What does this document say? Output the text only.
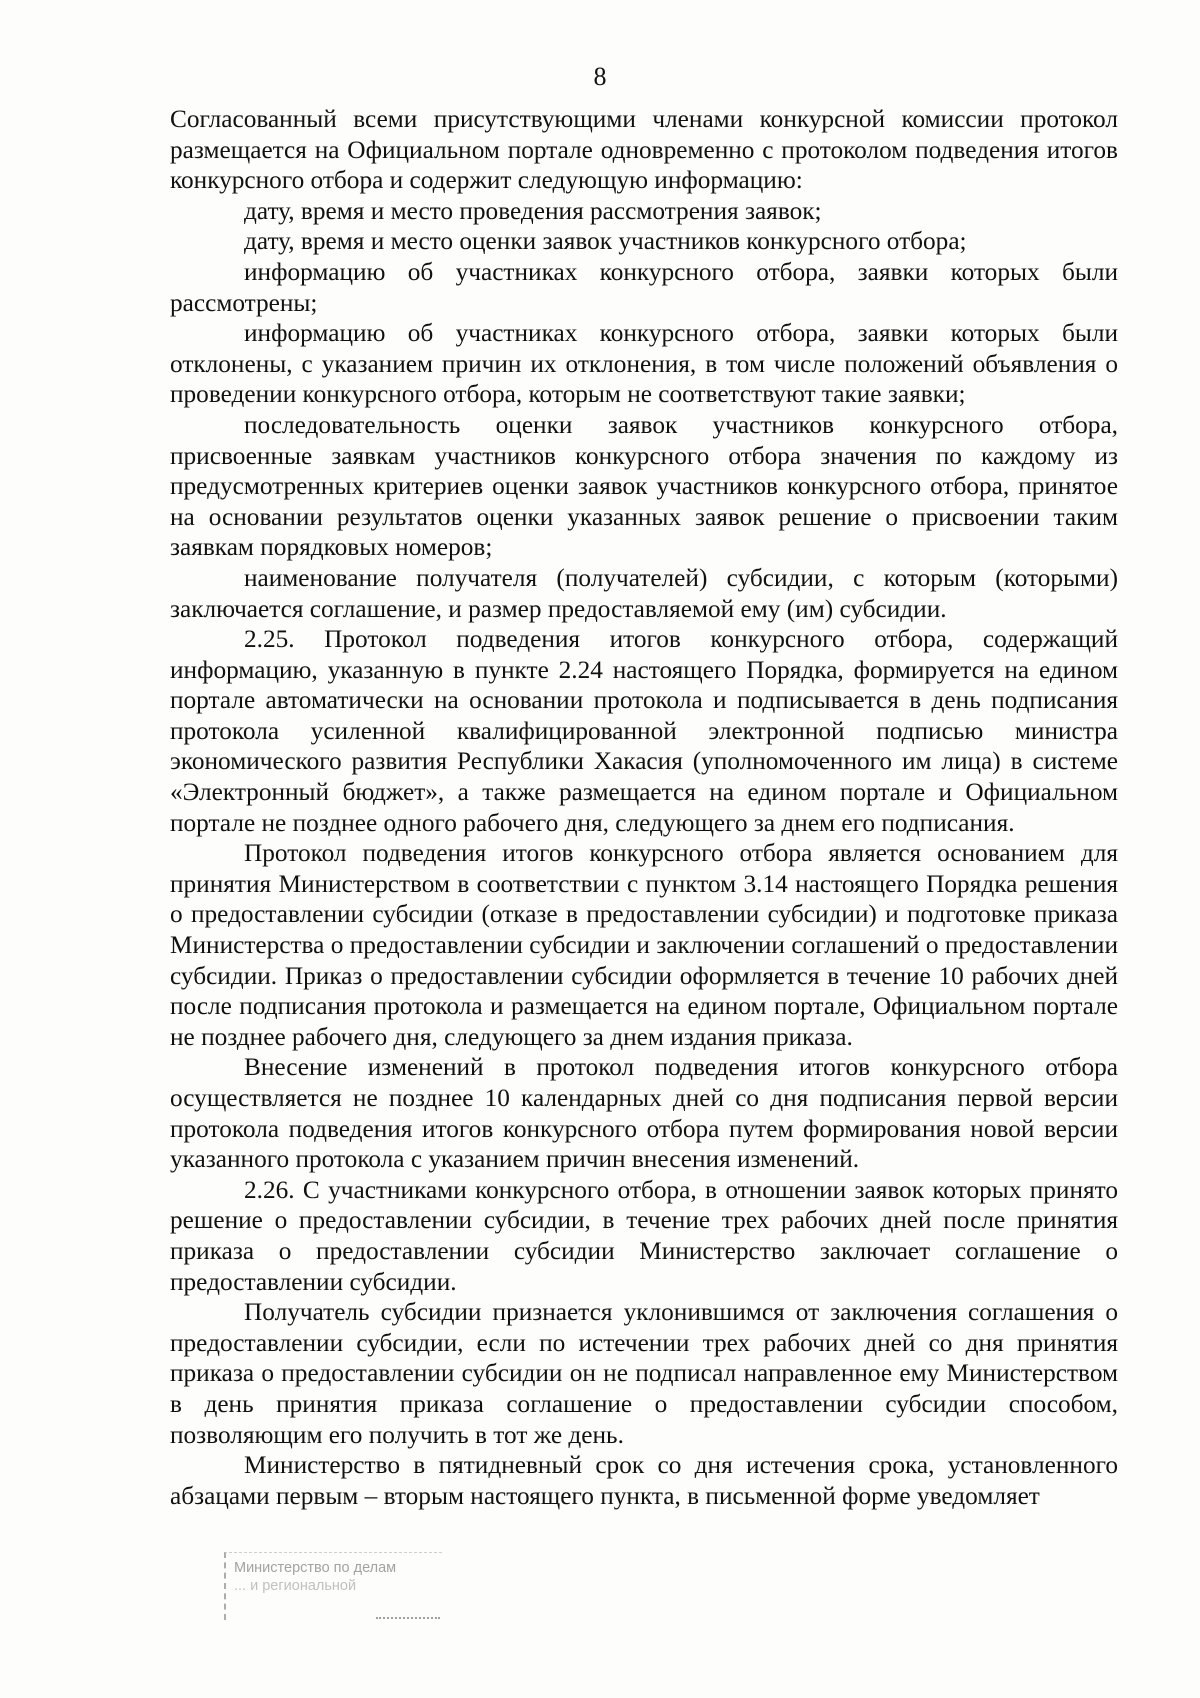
8

Согласованный всеми присутствующими членами конкурсной комиссии протокол размещается на Официальном портале одновременно с протоколом подведения итогов конкурсного отбора и содержит следующую информацию:

дату, время и место проведения рассмотрения заявок;

дату, время и место оценки заявок участников конкурсного отбора;

информацию об участниках конкурсного отбора, заявки которых были рассмотрены;

информацию об участниках конкурсного отбора, заявки которых были отклонены, с указанием причин их отклонения, в том числе положений объявления о проведении конкурсного отбора, которым не соответствуют такие заявки;

последовательность оценки заявок участников конкурсного отбора, присвоенные заявкам участников конкурсного отбора значения по каждому из предусмотренных критериев оценки заявок участников конкурсного отбора, принятое на основании результатов оценки указанных заявок решение о присвоении таким заявкам порядковых номеров;

наименование получателя (получателей) субсидии, с которым (которыми) заключается соглашение, и размер предоставляемой ему (им) субсидии.

2.25. Протокол подведения итогов конкурсного отбора, содержащий информацию, указанную в пункте 2.24 настоящего Порядка, формируется на едином портале автоматически на основании протокола и подписывается в день подписания протокола усиленной квалифицированной электронной подписью министра экономического развития Республики Хакасия (уполномоченного им лица) в системе «Электронный бюджет», а также размещается на едином портале и Официальном портале не позднее одного рабочего дня, следующего за днем его подписания.

Протокол подведения итогов конкурсного отбора является основанием для принятия Министерством в соответствии с пунктом 3.14 настоящего Порядка решения о предоставлении субсидии (отказе в предоставлении субсидии) и подготовке приказа Министерства о предоставлении субсидии и заключении соглашений о предоставлении субсидии. Приказ о предоставлении субсидии оформляется в течение 10 рабочих дней после подписания протокола и размещается на едином портале, Официальном портале не позднее рабочего дня, следующего за днем издания приказа.

Внесение изменений в протокол подведения итогов конкурсного отбора осуществляется не позднее 10 календарных дней со дня подписания первой версии протокола подведения итогов конкурсного отбора путем формирования новой версии указанного протокола с указанием причин внесения изменений.

2.26. С участниками конкурсного отбора, в отношении заявок которых принято решение о предоставлении субсидии, в течение трех рабочих дней после принятия приказа о предоставлении субсидии Министерство заключает соглашение о предоставлении субсидии.

Получатель субсидии признается уклонившимся от заключения соглашения о предоставлении субсидии, если по истечении трех рабочих дней со дня принятия приказа о предоставлении субсидии он не подписал направленное ему Министерством в день принятия приказа соглашение о предоставлении субсидии способом, позволяющим его получить в тот же день.

Министерство в пятидневный срок со дня истечения срока, установленного абзацами первым – вторым настоящего пункта, в письменной форме уведомляет

Министерство по делам
... и региональной
